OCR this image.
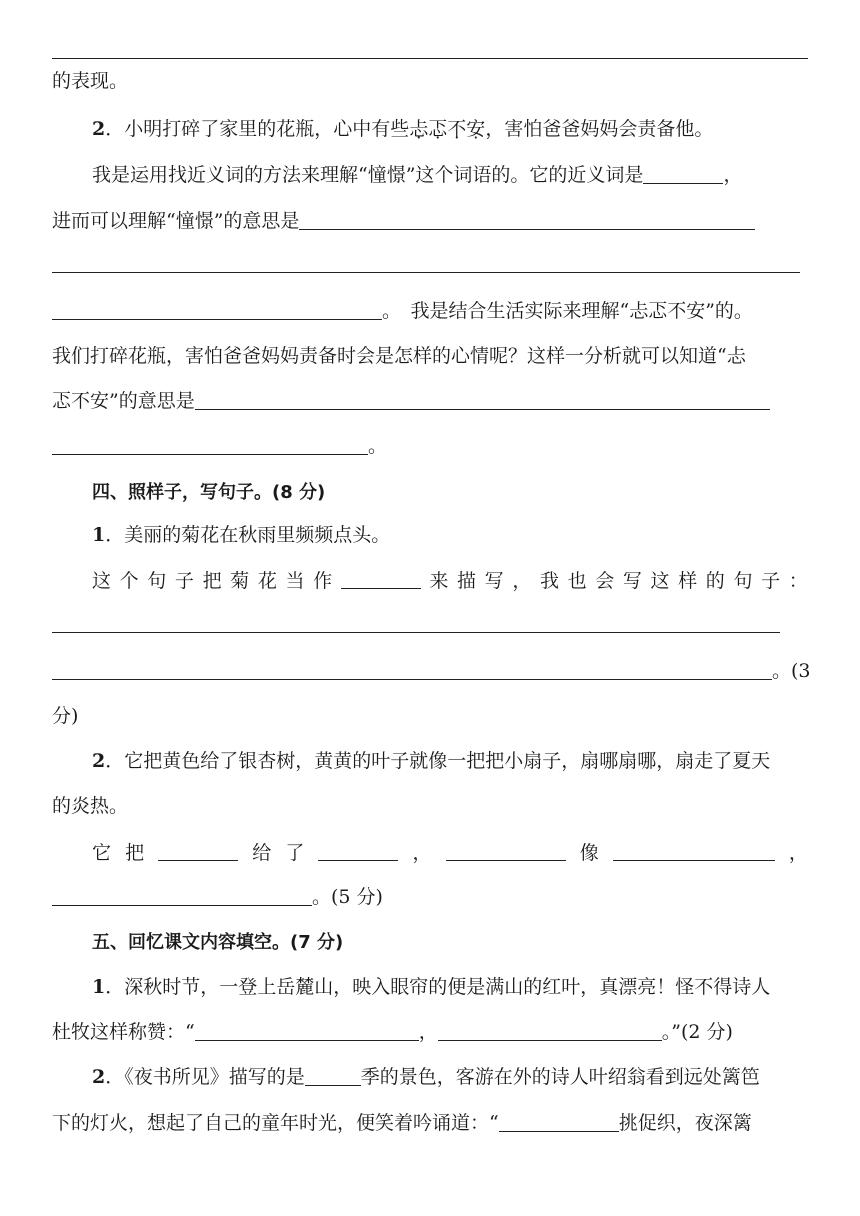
的表现。
2．小明打碎了家里的花瓶，心中有些忐忑不安，害怕爸爸妈妈会责备他。
我是运用找近义词的方法来理解“憧憬”这个词语的。它的近义词是	，
进而可以理解“憧憬”的意思是
。　我是结合生活实际来理解“忐忑不安”的。
我们打碎花瓶，害怕爸爸妈妈责备时会是怎样的心情呢？这样一分析就可以知道“忐
忑不安”的意思是
。
四、照样子，写句子。(8 分)
1．美丽的菊花在秋雨里频频点头。
这 个 句 子 把 菊 花 当 作	来 描 写 ， 我 也 会 写 这 样 的 句 子 ：
。(3
分)
2．它把黄色给了银杏树，黄黄的叶子就像一把把小扇子，扇哪扇哪，扇走了夏天
的炎热。
它 把	给 了	，	像	，
。(5 分)
五、回忆课文内容填空。(7 分)
1．深秋时节，一登上岳麓山，映入眼帘的便是满山的红叶，真漂亮！怪不得诗人
杜牧这样称赞：“	，	。”(2 分)
2．《夜书所见》描写的是	季的景色，客游在外的诗人叶绍翁看到远处篱笆
下的灯火，想起了自己的童年时光，便笑着吟诵道：“	挑促织，夜深篱
